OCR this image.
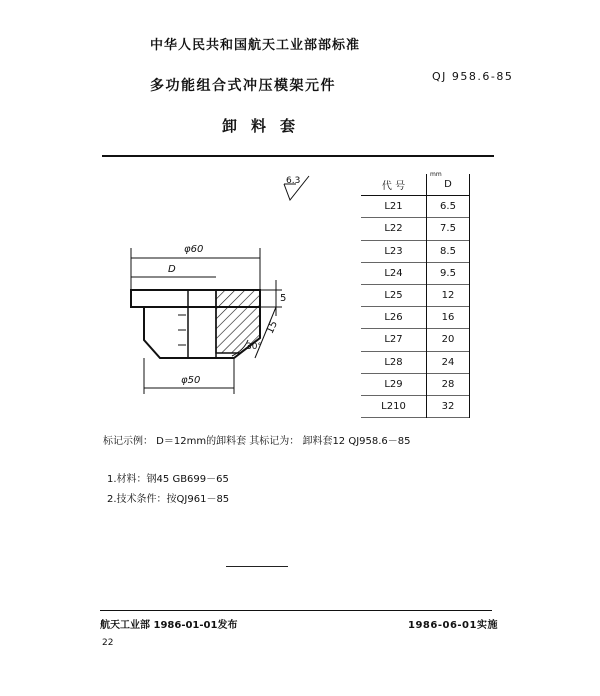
中华人民共和国航天工业部部标准
QJ 958.6-85
多功能组合式冲压模架元件
卸料套
6.3
φ60
D
5
15
30°
φ50
mm
代 号	D
L21	6.5
L22	7.5
L23	8.5
L24	9.5
L25	12
L26	16
L27	20
L28	24
L29	28
L210	32
标记示例： D＝12mm的卸料套 其标记为： 卸料套12 QJ958.6－85
1.材料：钢45 GB699－65
2.技术条件：按QJ961－85
航天工业部 1986-01-01发布	1986-06-01实施
22
